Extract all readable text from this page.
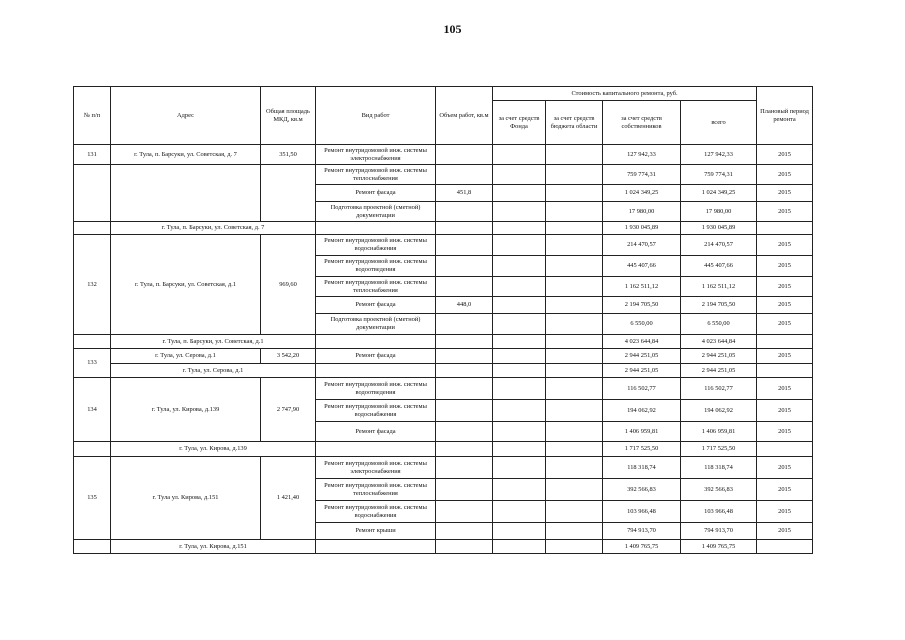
105
№ п/п	Адрес	Общая площадь МКД, кв.м	Вид работ	Объем работ, кв.м	Стоимость капитального ремонта, руб.				Плановый период ремонта
					за счет средств Фонда	за счет средств бюджета области	за счет средств собственников	всего	
131	г. Тула, п. Барсуки, ул. Советская, д. 7	351,50	Ремонт внутридомовой инж. системы электроснабжения				127 942,33	127 942,33	2015
			Ремонт внутридомовой инж. системы теплоснабжения				759 774,31	759 774,31	2015
			Ремонт фасада	451,8			1 024 349,25	1 024 349,25	2015
			Подготовка проектной (сметной) документации				17 980,00	17 980,00	2015
	г. Тула, п. Барсуки, ул. Советская, д. 7						1 930 045,89	1 930 045,89	
132	г. Тула, п. Барсуки, ул. Советская, д.1	969,60	Ремонт внутридомовой инж. системы водоснабжения				214 470,57	214 470,57	2015
			Ремонт внутридомовой инж. системы водоотведения				445 407,66	445 407,66	2015
			Ремонт внутридомовой инж. системы теплоснабжения				1 162 511,12	1 162 511,12	2015
			Ремонт фасада	448,0			2 194 705,50	2 194 705,50	2015
			Подготовка проектной (сметной) документации				6 550,00	6 550,00	2015
	г. Тула, п. Барсуки, ул. Советская, д.1						4 023 644,84	4 023 644,84	
133	г. Тула, ул. Серова, д.1	3 542,20	Ремонт фасада				2 944 251,05	2 944 251,05	2015
	г. Тула, ул. Серова, д.1						2 944 251,05	2 944 251,05	
134	г. Тула, ул. Кирова, д.139	2 747,90	Ремонт внутридомовой инж. системы водоотведения				116 502,77	116 502,77	2015
			Ремонт внутридомовой инж. системы водоснабжения				194 062,92	194 062,92	2015
			Ремонт фасада				1 406 959,81	1 406 959,81	2015
	г. Тула, ул. Кирова, д.139						1 717 525,50	1 717 525,50	
135	г. Тула ул. Кирова, д.151	1 421,40	Ремонт внутридомовой инж. системы электроснабжения				118 318,74	118 318,74	2015
			Ремонт внутридомовой инж. системы теплоснабжения				392 566,83	392 566,83	2015
			Ремонт внутридомовой инж. системы водоснабжения				103 966,48	103 966,48	2015
			Ремонт крыши				794 913,70	794 913,70	2015
	г. Тула, ул. Кирова, д.151						1 409 765,75	1 409 765,75	
